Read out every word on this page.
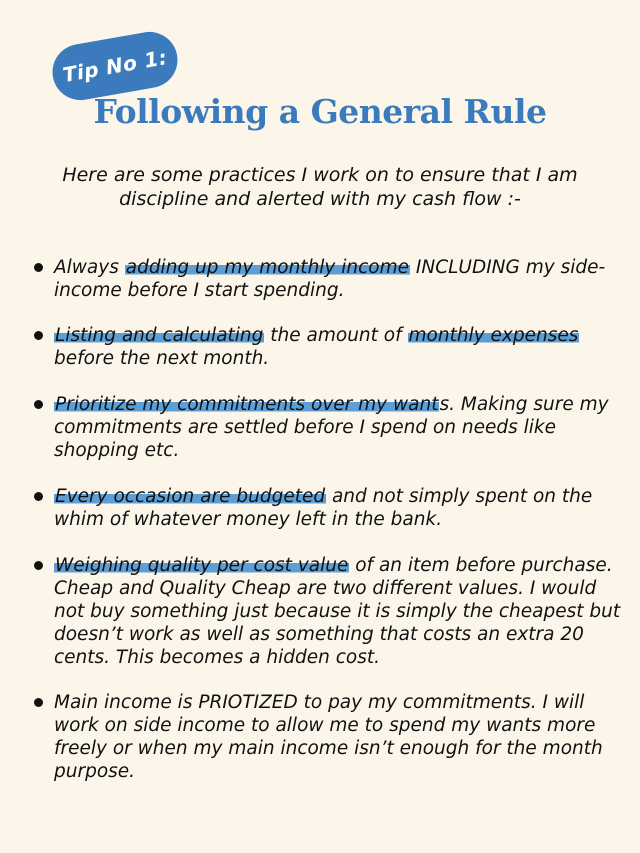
Tip No 1:
Following a General Rule

Here are some practices I work on to ensure that I am discipline and alerted with my cash flow :-

Always adding up my monthly income INCLUDING my side-income before I start spending.
Listing and calculating the amount of monthly expenses before the next month.
Prioritize my commitments over my wants. Making sure my commitments are settled before I spend on needs like shopping etc.
Every occasion are budgeted and not simply spent on the whim of whatever money left in the bank.
Weighing quality per cost value of an item before purchase. Cheap and Quality Cheap are two different values. I would not buy something just because it is simply the cheapest but doesn’t work as well as something that costs an extra 20 cents. This becomes a hidden cost.
Main income is PRIOTIZED to pay my commitments. I will work on side income to allow me to spend my wants more freely or when my main income isn’t enough for the month purpose.
